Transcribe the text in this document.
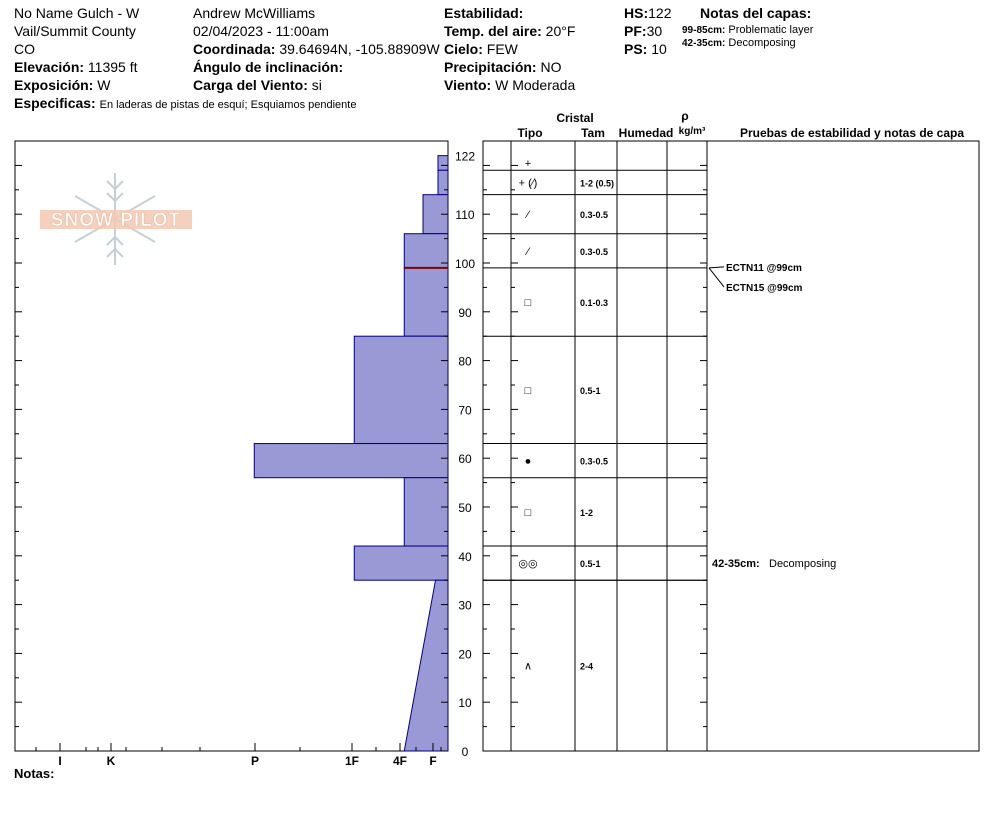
No Name Gulch - W
Vail/Summit County
CO
Elevación: 11395 ft
Exposición: W
Especificas: En laderas de pistas de esquí; Esquiamos pendiente
Andrew McWilliams
02/04/2023 - 11:00am
Coordinada: 39.64694N, -105.88909W
Ángulo de inclinación:
Carga del Viento: si
Estabilidad:
Temp. del aire: 20°F
Cielo: FEW
Precipitación: NO
Viento: W Moderada
HS:122
PF:30
PS: 10
Notas del capas:
99-85cm: Problematic layer
42-35cm: Decomposing
SNOW PILOT
I	K	P	1F	4F F
0
10
20
30
40
50
60
70
80
90
100
110
122
+
+ (⁄)	1-2 (0.5)
⁄	0.3-0.5
⁄	0.3-0.5
□	0.1-0.3
□	0.5-1
●	0.3-0.5
□	1-2
◎◎	0.5-1
∧	2-4
ECTN11 @99cm
ECTN15 @99cm
42-35cm: Decomposing
Cristal
Tipo	Tam Humedad
ρ
kg/m³	Pruebas de estabilidad y notas de capa
Notas:
